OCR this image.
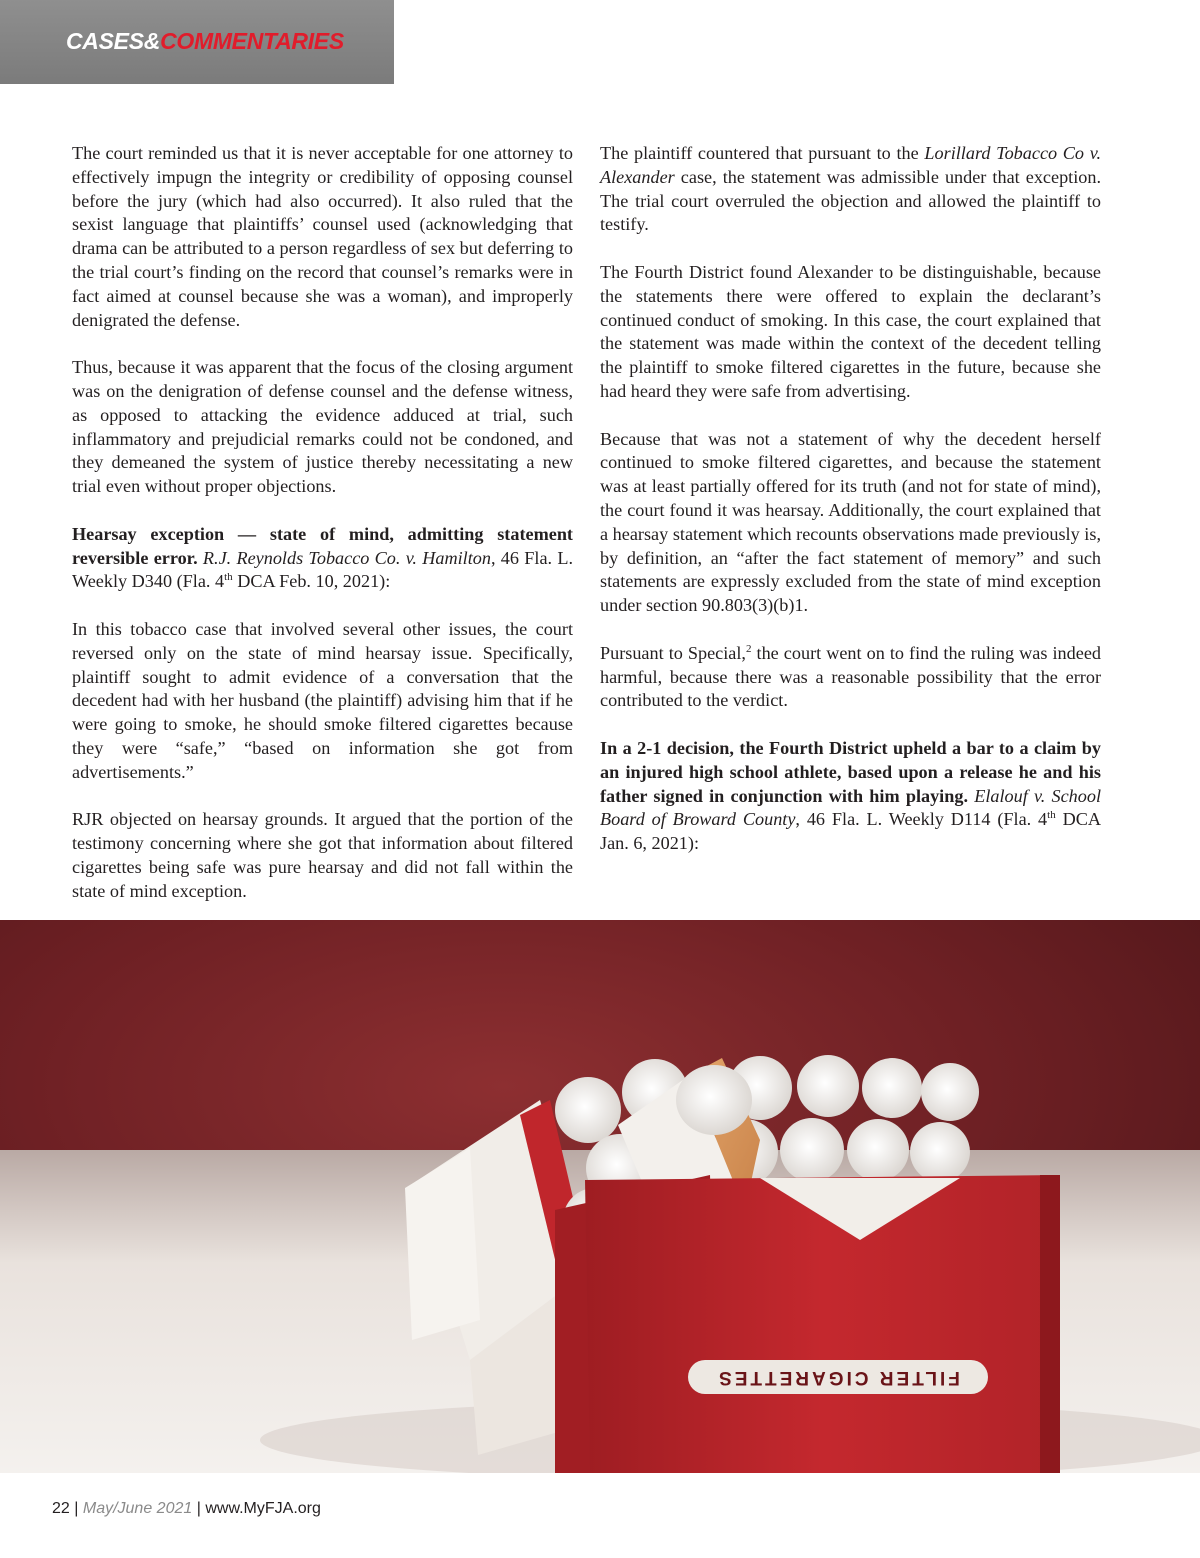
CASES&COMMENTARIES

The court reminded us that it is never acceptable for one attorney to effectively impugn the integrity or credibility of opposing counsel before the jury (which had also occurred). It also ruled that the sexist language that plaintiffs’ counsel used (acknowledging that drama can be attributed to a person regardless of sex but deferring to the trial court’s finding on the record that counsel’s remarks were in fact aimed at counsel because she was a woman), and improperly denigrated the defense.

Thus, because it was apparent that the focus of the closing argument was on the denigration of defense counsel and the defense witness, as opposed to attacking the evidence adduced at trial, such inflammatory and prejudicial remarks could not be condoned, and they demeaned the system of justice thereby necessitating a new trial even without proper objections.

Hearsay exception — state of mind, admitting statement reversible error. R.J. Reynolds Tobacco Co. v. Hamilton, 46 Fla. L. Weekly D340 (Fla. 4th DCA Feb. 10, 2021):

In this tobacco case that involved several other issues, the court reversed only on the state of mind hearsay issue. Specifically, plaintiff sought to admit evidence of a conversation that the decedent had with her husband (the plaintiff) advising him that if he were going to smoke, he should smoke filtered cigarettes because they were “safe,” “based on information she got from advertisements.”

RJR objected on hearsay grounds. It argued that the portion of the testimony concerning where she got that information about filtered cigarettes being safe was pure hearsay and did not fall within the state of mind exception.

The plaintiff countered that pursuant to the Lorillard Tobacco Co v. Alexander case, the statement was admissible under that exception. The trial court overruled the objection and allowed the plaintiff to testify.

The Fourth District found Alexander to be distinguishable, because the statements there were offered to explain the declarant’s continued conduct of smoking. In this case, the court explained that the statement was made within the context of the decedent telling the plaintiff to smoke filtered cigarettes in the future, because she had heard they were safe from advertising.

Because that was not a statement of why the decedent herself continued to smoke filtered cigarettes, and because the statement was at least partially offered for its truth (and not for state of mind), the court found it was hearsay. Additionally, the court explained that a hearsay statement which recounts observations made previously is, by definition, an “after the fact statement of memory” and such statements are expressly excluded from the state of mind exception under section 90.803(3)(b)1.

Pursuant to Special,$^2$ the court went on to find the ruling was indeed harmful, because there was a reasonable possibility that the error contributed to the verdict.

In a 2-1 decision, the Fourth District upheld a bar to a claim by an injured high school athlete, based upon a release he and his father signed in conjunction with him playing. Elalouf v. School Board of Broward County, 46 Fla. L. Weekly D114 (Fla. 4th DCA Jan. 6, 2021):

FILTER CIGARETTES
22 | May/June 2021 | www.MyFJA.org
